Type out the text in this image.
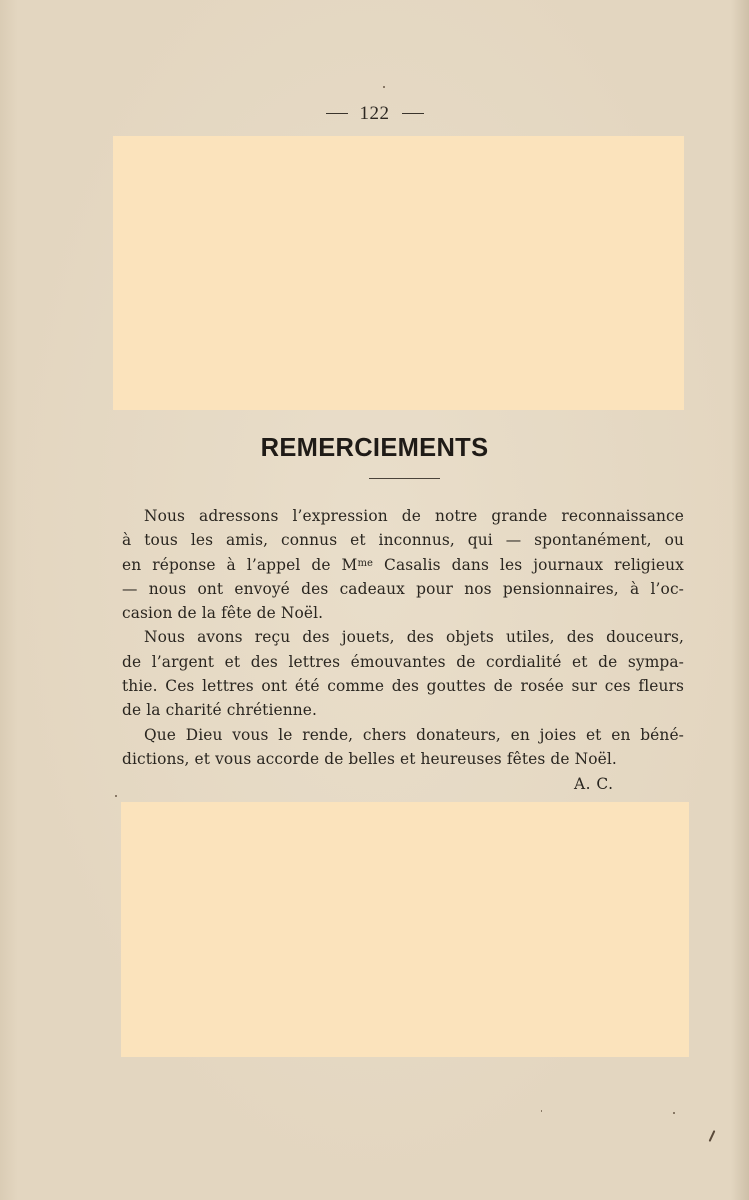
122
REMERCIEMENTS
Nous adressons l’expression de notre grande reconnaissance
à tous les amis, connus et inconnus, qui — spontanément, ou
en réponse à l’appel de $M^{me}$ Casalis dans les journaux religieux
— nous ont envoyé des cadeaux pour nos pensionnaires, à l’oc-
casion de la fête de Noël.
Nous avons reçu des jouets, des objets utiles, des douceurs,
de l’argent et des lettres émouvantes de cordialité et de sympa-
thie. Ces lettres ont été comme des gouttes de rosée sur ces fleurs
de la charité chrétienne.
Que Dieu vous le rende, chers donateurs, en joies et en béné-
dictions, et vous accorde de belles et heureuses fêtes de Noël.
A. C.
